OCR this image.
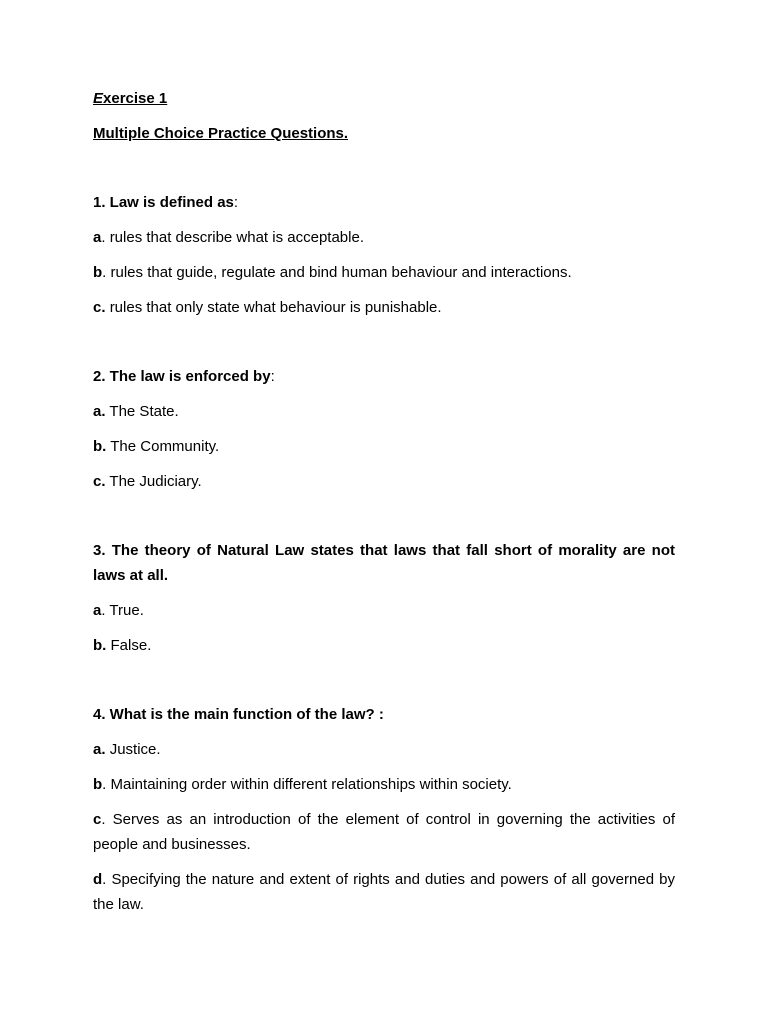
Exercise 1

Multiple Choice Practice Questions.

1. Law is defined as:

a. rules that describe what is acceptable.

b. rules that guide, regulate and bind human behaviour and interactions.

c. rules that only state what behaviour is punishable.

2. The law is enforced by:

a. The State.

b. The Community.

c. The Judiciary.

3. The theory of Natural Law states that laws that fall short of morality are not laws at all.

a. True.

b. False.

4. What is the main function of the law? :

a. Justice.

b. Maintaining order within different relationships within society.

c. Serves as an introduction of the element of control in governing the activities of people and businesses.

d. Specifying the nature and extent of rights and duties and powers of all governed by the law.
